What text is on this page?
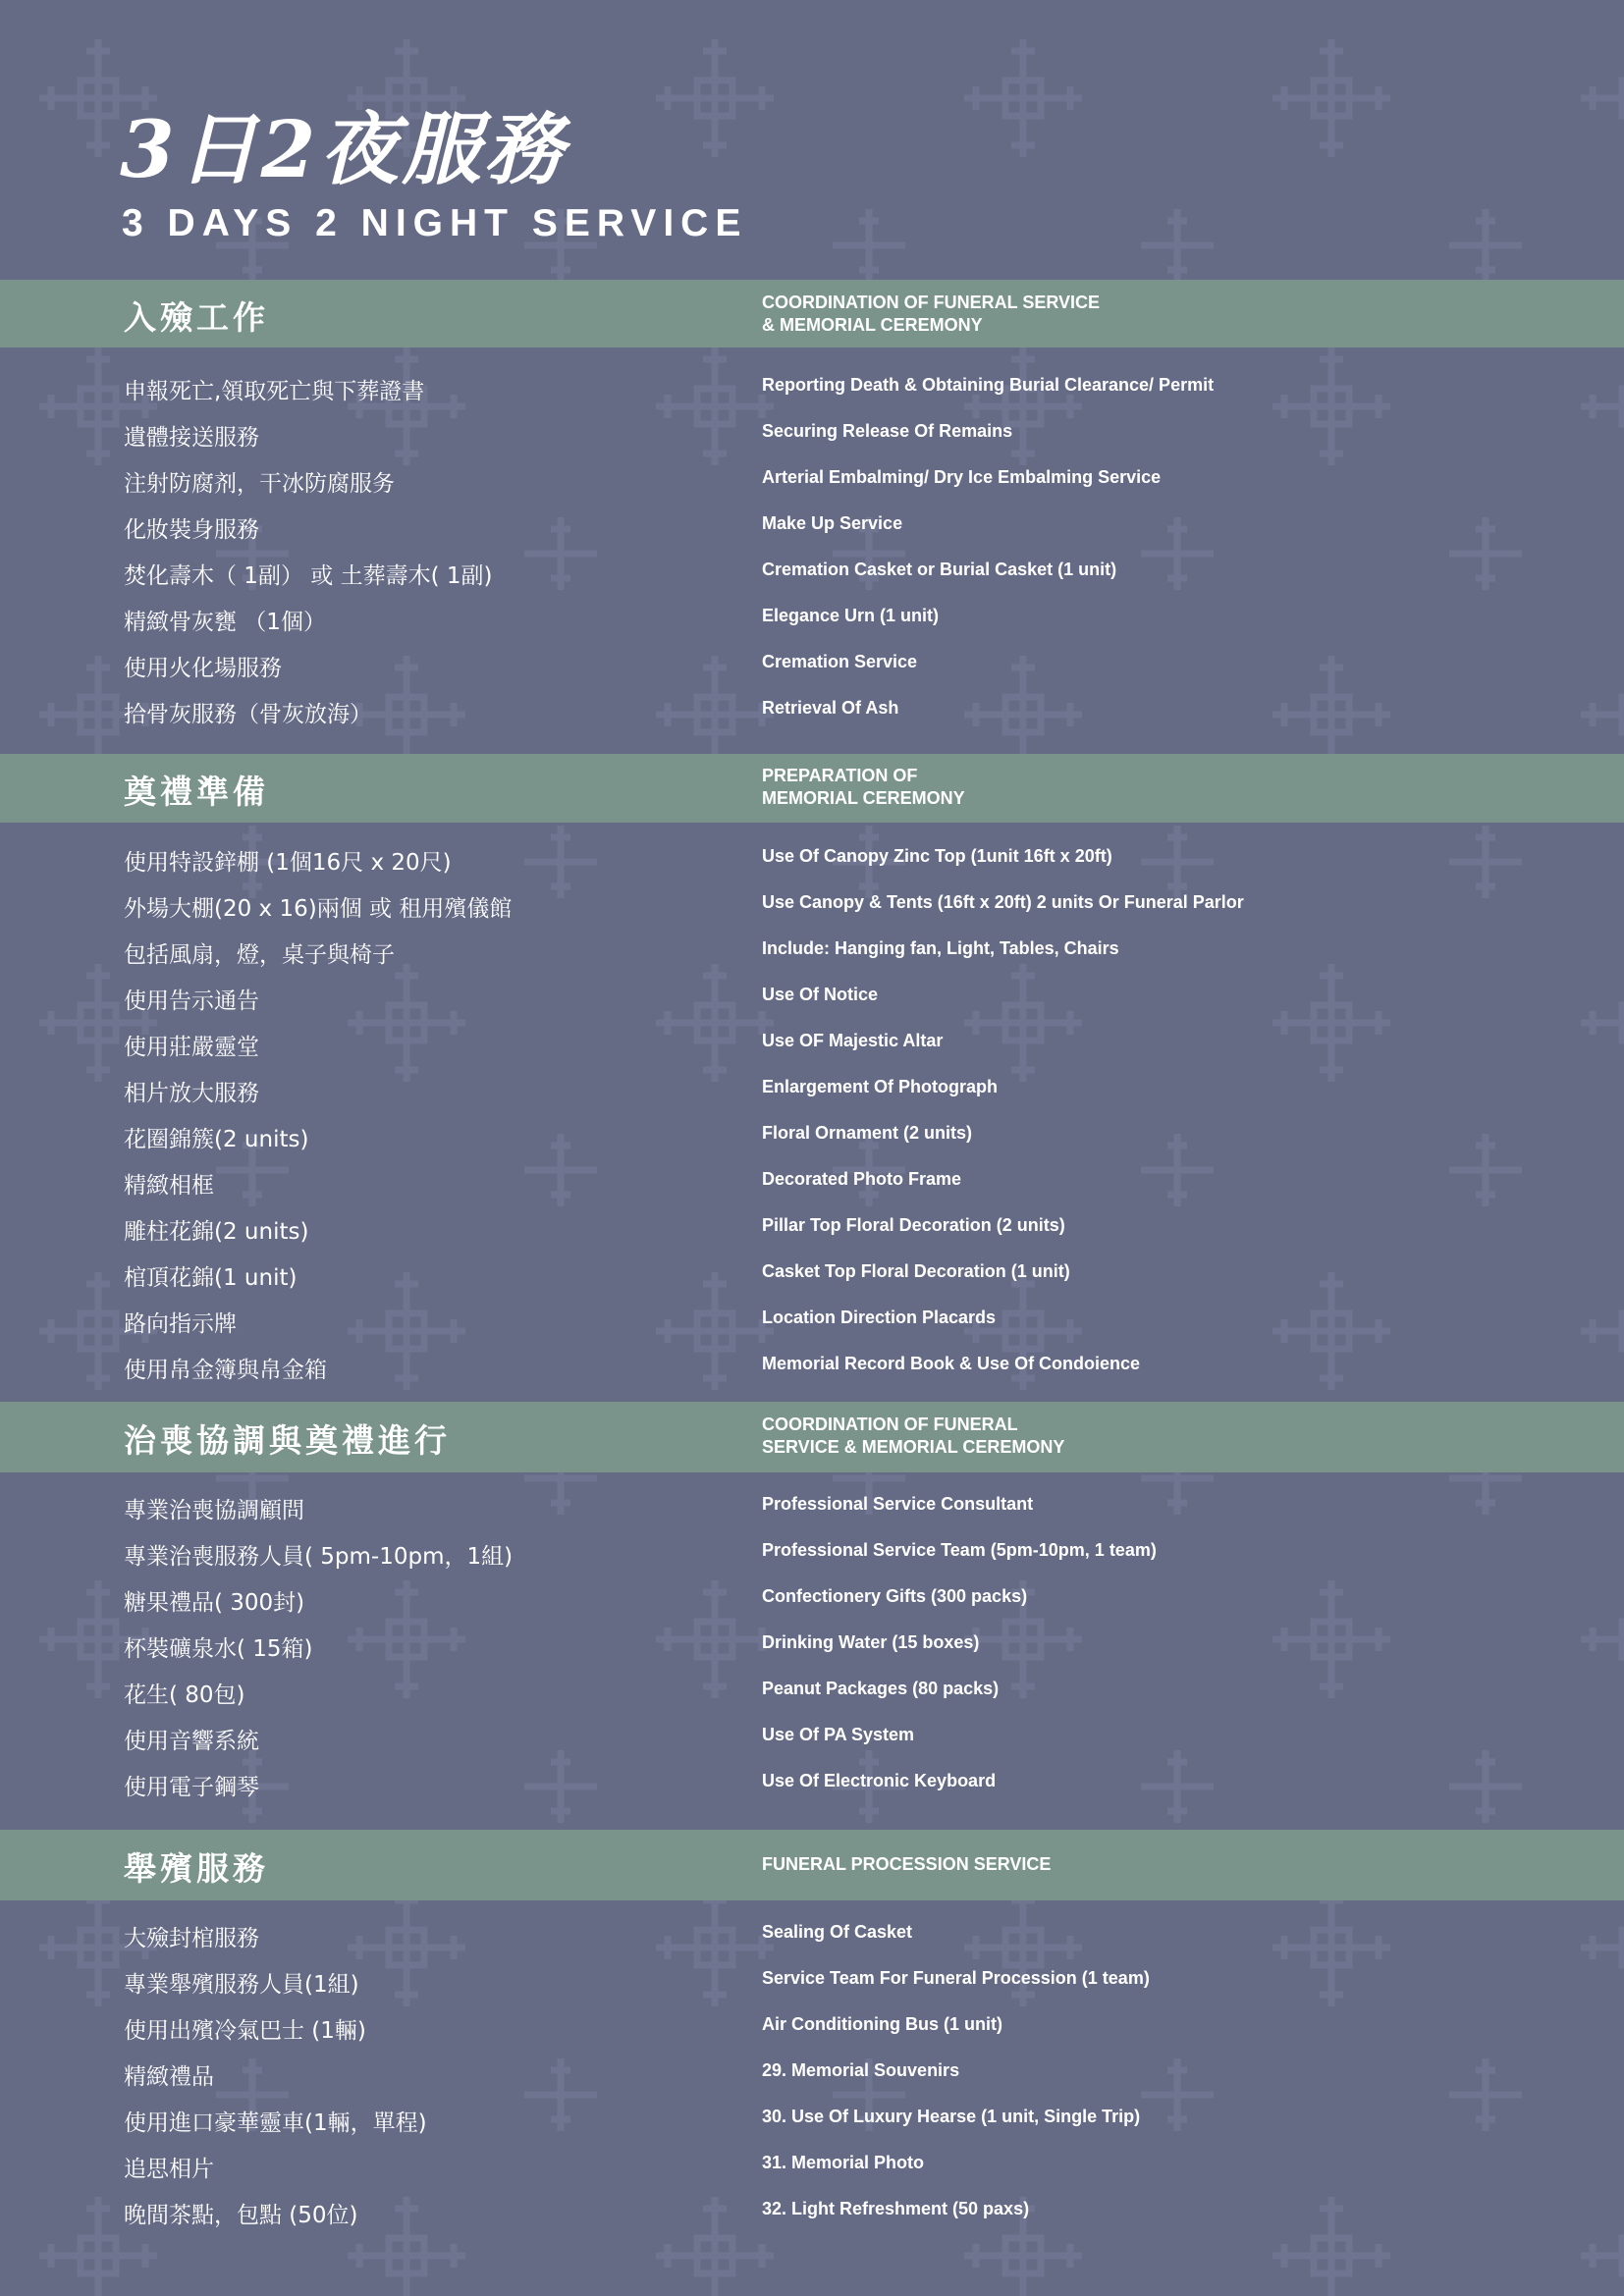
3日2夜服務
3 DAYS 2 NIGHT SERVICE
入殮工作	COORDINATION OF FUNERAL SERVICE
& MEMORIAL CEREMONY
申報死亡,領取死亡與下葬證書	Reporting Death & Obtaining Burial Clearance/ Permit
遺體接送服務	Securing Release Of Remains
注射防腐剂，干冰防腐服务	Arterial Embalming/ Dry Ice Embalming Service
化妝裝身服務	Make Up Service
焚化壽木（ 1副） 或 土葬壽木( 1副)	Cremation Casket or Burial Casket (1 unit)
精緻骨灰甕 （1個）	Elegance Urn (1 unit)
使用火化場服務	Cremation Service
拾骨灰服務（骨灰放海）	Retrieval Of Ash
奠禮準備	PREPARATION OF
MEMORIAL CEREMONY
使用特設鋅棚 (1個16尺 x 20尺)	Use Of Canopy Zinc Top (1unit 16ft x 20ft)
外場大棚(20 x 16)兩個 或 租用殯儀館	Use Canopy & Tents (16ft x 20ft) 2 units Or Funeral Parlor
包括風扇，燈，桌子與椅子	Include: Hanging fan, Light, Tables, Chairs
使用告示通告	Use Of Notice
使用莊嚴靈堂	Use OF Majestic Altar
相片放大服務	Enlargement Of Photograph
花圈錦簇(2 units)	Floral Ornament (2 units)
精緻相框	Decorated Photo Frame
雕柱花錦(2 units)	Pillar Top Floral Decoration (2 units)
棺頂花錦(1 unit)	Casket Top Floral Decoration (1 unit)
路向指示牌	Location Direction Placards
使用帛金簿與帛金箱	Memorial Record Book & Use Of Condoience
治喪協調與奠禮進行	COORDINATION OF FUNERAL
SERVICE & MEMORIAL CEREMONY
專業治喪協調顧問	Professional Service Consultant
專業治喪服務人員( 5pm-10pm，1組)	Professional Service Team (5pm-10pm, 1 team)
糖果禮品( 300封)	Confectionery Gifts (300 packs)
杯裝礦泉水( 15箱)	Drinking Water (15 boxes)
花生( 80包)	Peanut Packages (80 packs)
使用音響系統	Use Of PA System
使用電子鋼琴	Use Of Electronic Keyboard
舉殯服務	FUNERAL PROCESSION SERVICE
大殮封棺服務	Sealing Of Casket
專業舉殯服務人員(1組)	Service Team For Funeral Procession (1 team)
使用出殯冷氣巴士 (1輛)	Air Conditioning Bus (1 unit)
精緻禮品	29. Memorial Souvenirs
使用進口豪華靈車(1輛，單程)	30. Use Of Luxury Hearse (1 unit, Single Trip)
追思相片	31. Memorial Photo
晚間茶點，包點 (50位)	32. Light Refreshment (50 paxs)
